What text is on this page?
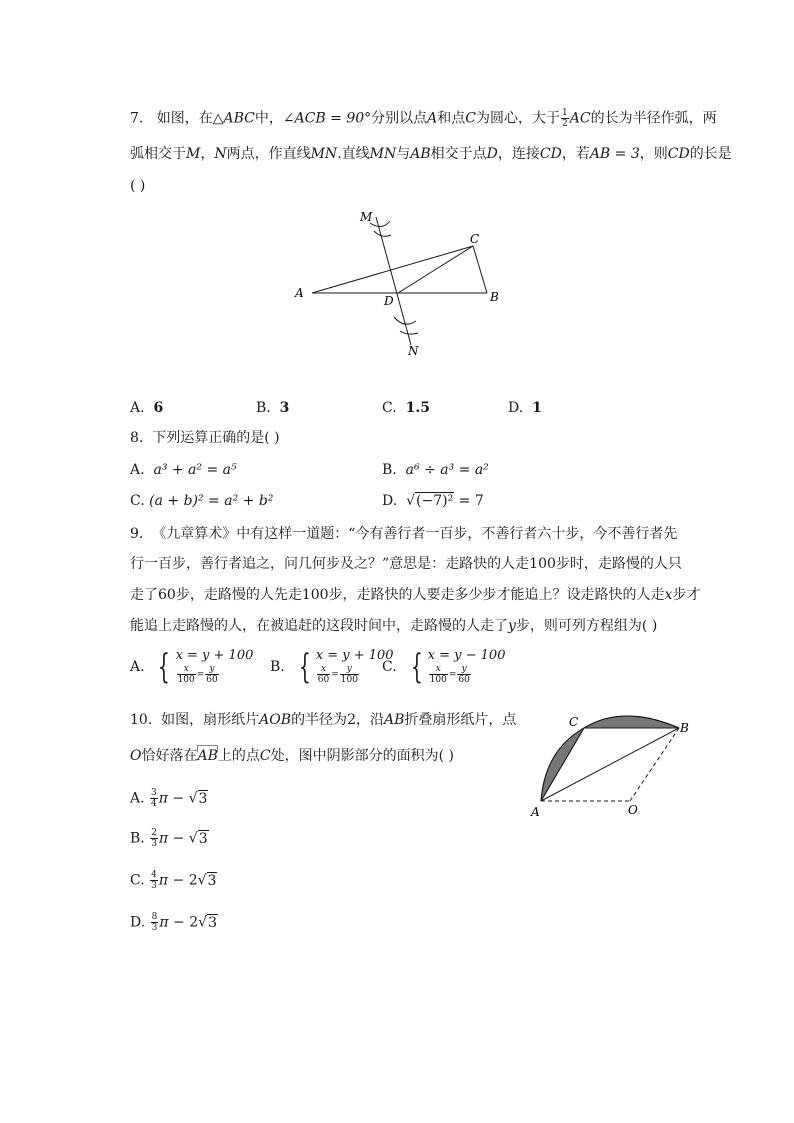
7. 如图，在△ABC中，∠ACB = 90°分别以点A和点C为圆心，大于 $\frac{1}{2}$ AC的长为半径作弧，两
弧相交于M，N两点，作直线MN.直线MN与AB相交于点D，连接CD，若AB = 3，则CD的长是
( )
M
C
A
D	B
N
A. 6	B. 3	C. 1.5	D. 1
8. 下列运算正确的是( )
A. a³ + a² = a⁵	B. a⁶ ÷ a³ = a²
C. (a + b)² = a² + b²	D. √(−7)² = 7
9. 《九章算术》中有这样一道题：“今有善行者一百步，不善行者六十步，今不善行者先
行一百步，善行者追之，问几何步及之？”意思是：走路快的人走100步时，走路慢的人只
走了60步，走路慢的人先走100步，走路快的人要走多少步才能追上？设走路快的人走x步才
能追上走路慢的人，在被追赶的这段时间中，走路慢的人走了y步，则可列方程组为( )
A. { x = y + 100

$\frac{x}{100} = \frac{y}{60}$	B. { x = y + 100

$\frac{x}{60} = \frac{y}{100} C$. { x = y − 100

$\frac{x}{100} = \frac{y}{60}$
10. 如图，扇形纸片AOB的半径为2，沿AB折叠扇形纸片，点
O恰好落在
AB上的点C处，图中阴影部分的面积为( )
A. $\frac{3}{4}$ π − √3
B. $\frac{2}{3}$ π − √3
C. $\frac{4}{3}$ π − 2√3
D. $\frac{8}{3}$ π − 2√3
C	B
A	O
